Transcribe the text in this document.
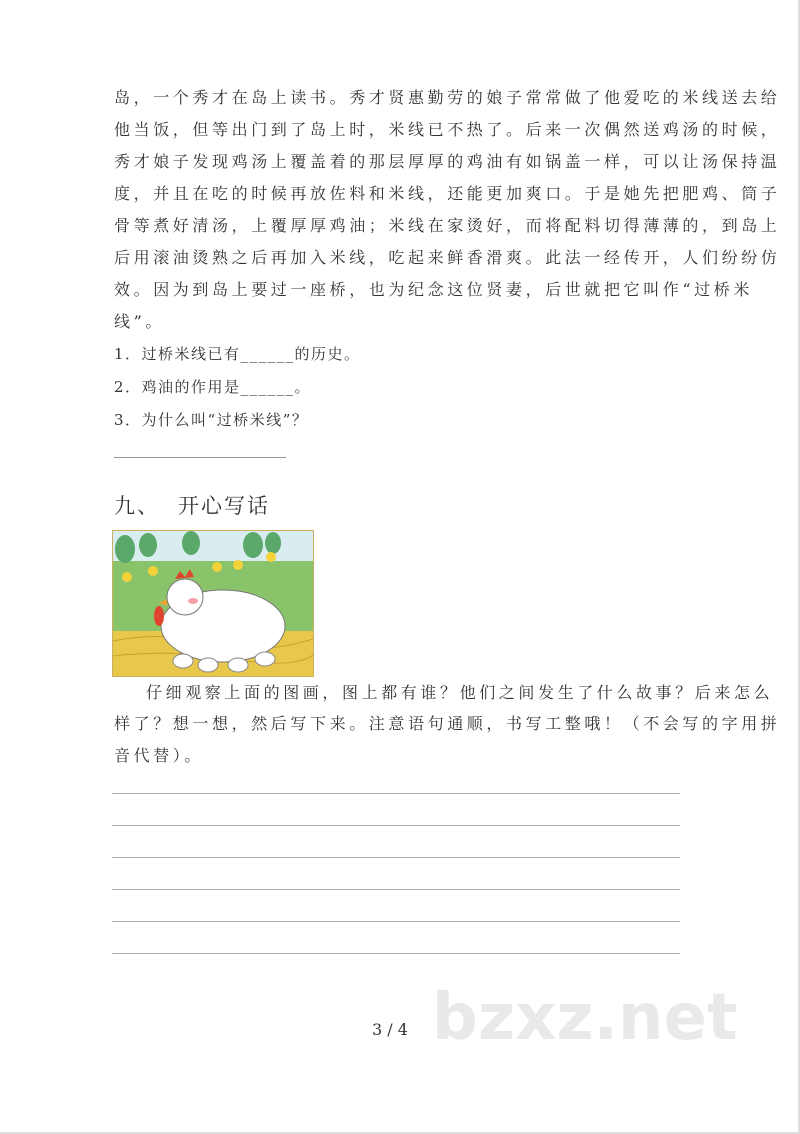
岛，一个秀才在岛上读书。秀才贤惠勤劳的娘子常常做了他爱吃的米线送去给
他当饭，但等出门到了岛上时，米线已不热了。后来一次偶然送鸡汤的时候，
秀才娘子发现鸡汤上覆盖着的那层厚厚的鸡油有如锅盖一样，可以让汤保持温
度，并且在吃的时候再放佐料和米线，还能更加爽口。于是她先把肥鸡、筒子
骨等煮好清汤，上覆厚厚鸡油；米线在家烫好，而将配料切得薄薄的，到岛上
后用滚油烫熟之后再加入米线，吃起来鲜香滑爽。此法一经传开，人们纷纷仿
效。因为到岛上要过一座桥，也为纪念这位贤妻，后世就把它叫作“过桥米
线”。
1．过桥米线已有______的历史。
2．鸡油的作用是______。
3．为什么叫“过桥米线”？
九、 开心写话
仔细观察上面的图画，图上都有谁？他们之间发生了什么故事？后来怎么
样了？想一想，然后写下来。注意语句通顺，书写工整哦！（不会写的字用拼
音代替）。
bzxz.net
3 / 4
